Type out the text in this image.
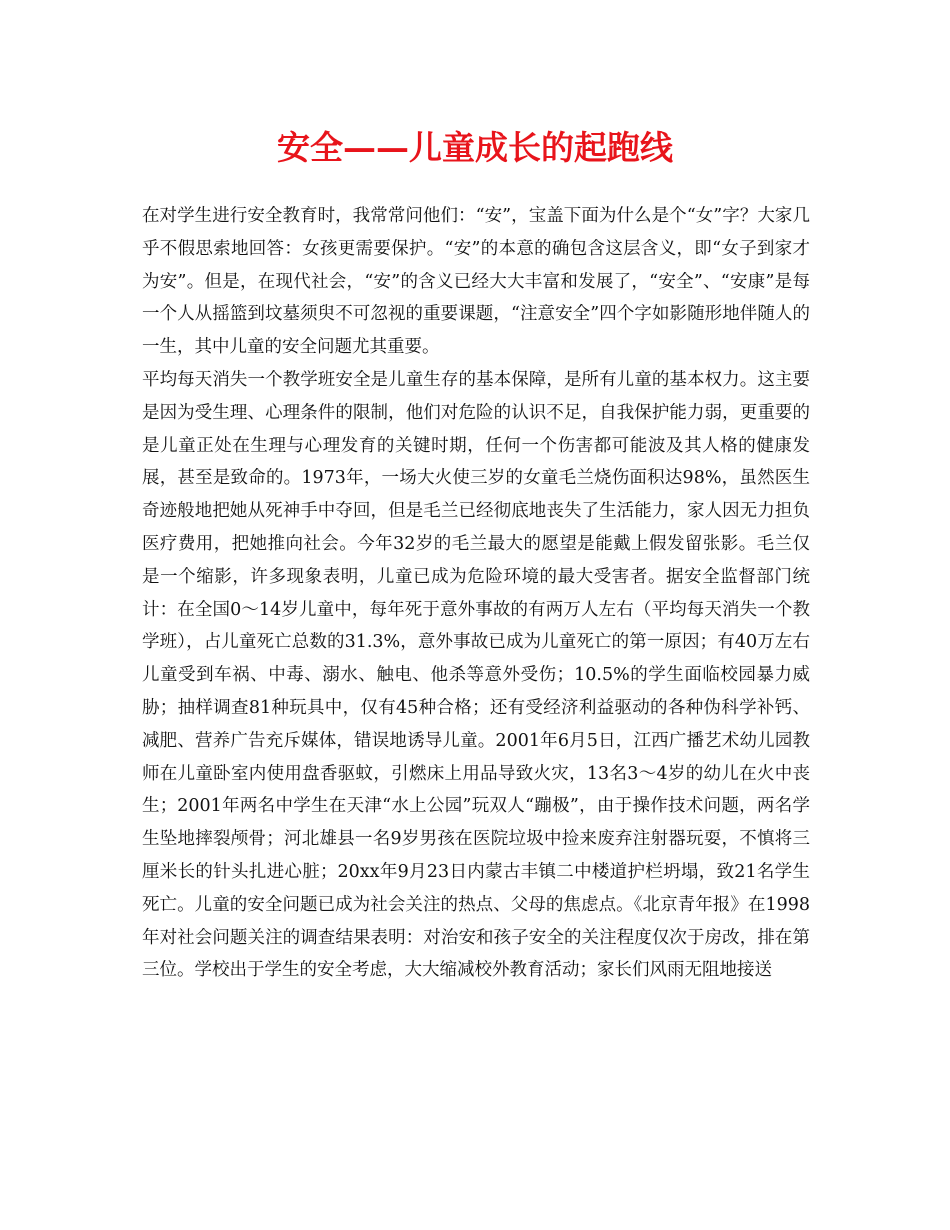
安全——儿童成长的起跑线

在对学生进行安全教育时，我常常问他们：“安”，宝盖下面为什么是个“女”字？大家几乎不假思索地回答：女孩更需要保护。“安”的本意的确包含这层含义，即“女子到家才为安”。但是，在现代社会，“安”的含义已经大大丰富和发展了，“安全”、“安康”是每一个人从摇篮到坟墓须臾不可忽视的重要课题，“注意安全”四个字如影随形地伴随人的一生，其中儿童的安全问题尤其重要。

平均每天消失一个教学班安全是儿童生存的基本保障，是所有儿童的基本权力。这主要是因为受生理、心理条件的限制，他们对危险的认识不足，自我保护能力弱，更重要的是儿童正处在生理与心理发育的关键时期，任何一个伤害都可能波及其人格的健康发展，甚至是致命的。1973年，一场大火使三岁的女童毛兰烧伤面积达98%，虽然医生奇迹般地把她从死神手中夺回，但是毛兰已经彻底地丧失了生活能力，家人因无力担负医疗费用，把她推向社会。今年32岁的毛兰最大的愿望是能戴上假发留张影。毛兰仅是一个缩影，许多现象表明，儿童已成为危险环境的最大受害者。据安全监督部门统计：在全国0～14岁儿童中，每年死于意外事故的有两万人左右（平均每天消失一个教学班），占儿童死亡总数的31.3%，意外事故已成为儿童死亡的第一原因；有40万左右儿童受到车祸、中毒、溺水、触电、他杀等意外受伤；10.5%的学生面临校园暴力威胁；抽样调查81种玩具中，仅有45种合格；还有受经济利益驱动的各种伪科学补钙、减肥、营养广告充斥媒体，错误地诱导儿童。2001年6月5日，江西广播艺术幼儿园教师在儿童卧室内使用盘香驱蚊，引燃床上用品导致火灾，13名3～4岁的幼儿在火中丧生；2001年两名中学生在天津“水上公园”玩双人“蹦极”，由于操作技术问题，两名学生坠地摔裂颅骨；河北雄县一名9岁男孩在医院垃圾中捡来废弃注射器玩耍，不慎将三厘米长的针头扎进心脏；20xx年9月23日内蒙古丰镇二中楼道护栏坍塌，致21名学生死亡。儿童的安全问题已成为社会关注的热点、父母的焦虑点。《北京青年报》在1998年对社会问题关注的调查结果表明：对治安和孩子安全的关注程度仅次于房改，排在第三位。学校出于学生的安全考虑，大大缩减校外教育活动；家长们风雨无阻地接送
